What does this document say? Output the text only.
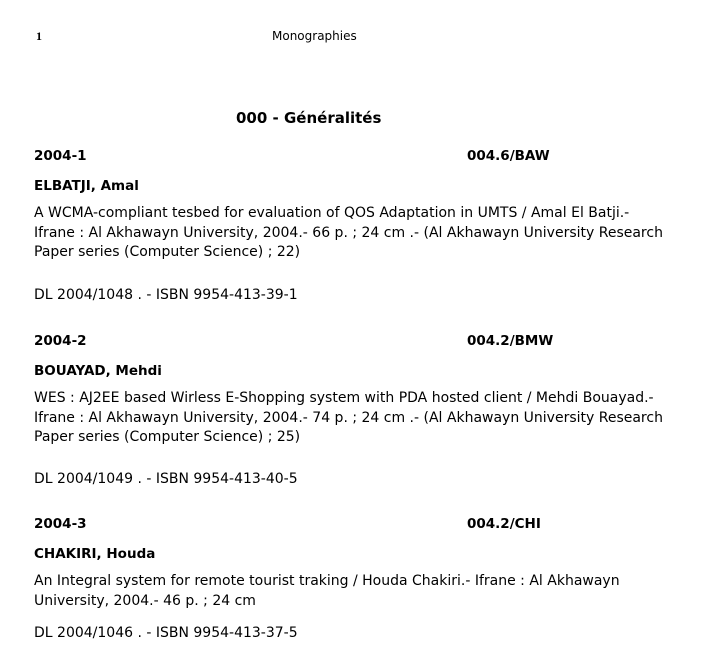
1	Monographies
000 - Généralités
2004-1	004.6/BAW
ELBATJI, Amal

A WCMA-compliant tesbed for evaluation of QOS Adaptation in UMTS / Amal El Batji.- Ifrane : Al Akhawayn University, 2004.- 66 p. ; 24 cm .- (Al Akhawayn University Research Paper series (Computer Science) ; 22)

DL 2004/1048 . - ISBN 9954-413-39-1
2004-2	004.2/BMW
BOUAYAD, Mehdi

WES : AJ2EE based Wirless E-Shopping system with PDA hosted client / Mehdi Bouayad.- Ifrane : Al Akhawayn University, 2004.- 74 p. ; 24 cm .- (Al Akhawayn University Research Paper series (Computer Science) ; 25)

DL 2004/1049 . - ISBN 9954-413-40-5
2004-3	004.2/CHI
CHAKIRI, Houda

An Integral system for remote tourist traking / Houda Chakiri.- Ifrane : Al Akhawayn University, 2004.- 46 p. ; 24 cm

DL 2004/1046 . - ISBN 9954-413-37-5
